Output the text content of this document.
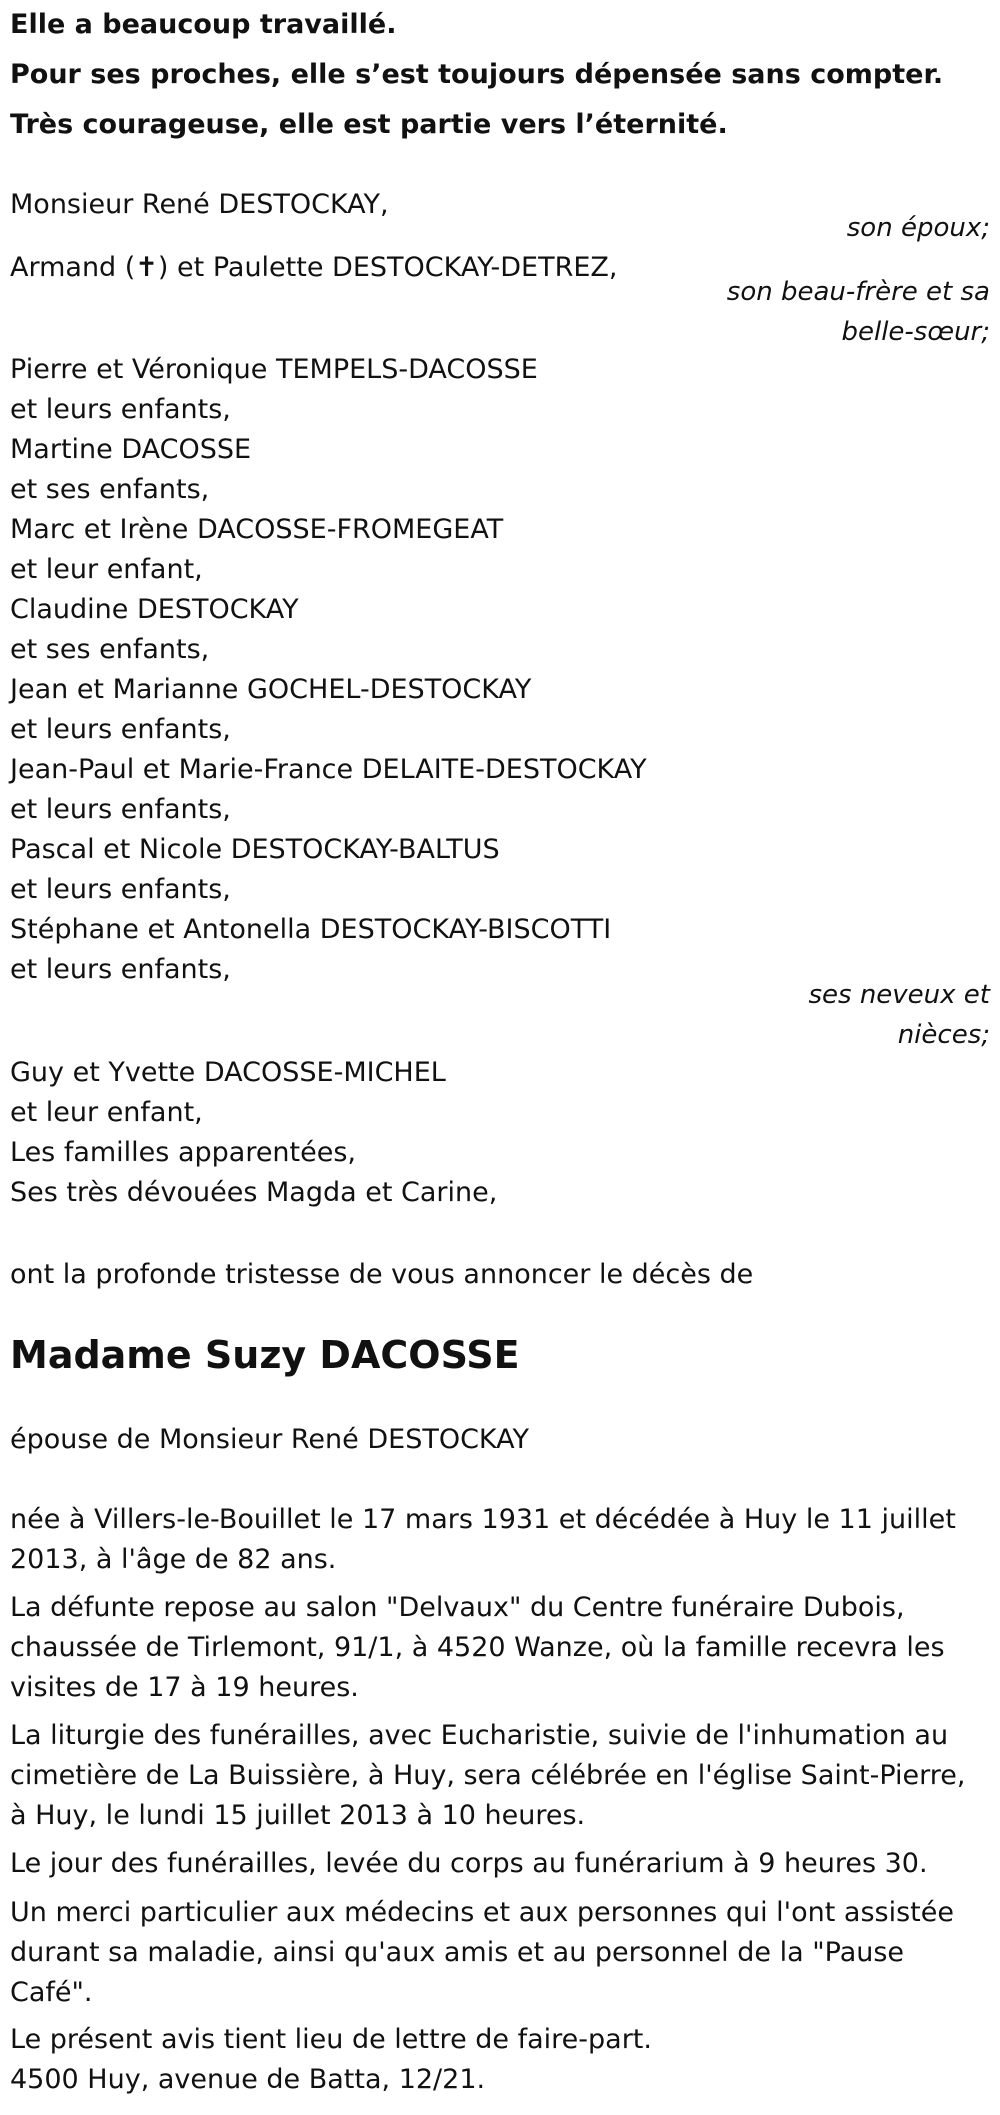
Elle a beaucoup travaillé.
Pour ses proches, elle s’est toujours dépensée sans compter.
Très courageuse, elle est partie vers l’éternité.
Monsieur René DESTOCKAY,
son époux;
Armand (✝) et Paulette DESTOCKAY-DETREZ,
son beau-frère et sa
belle-sœur;
Pierre et Véronique TEMPELS-DACOSSE
et leurs enfants,
Martine DACOSSE
et ses enfants,
Marc et Irène DACOSSE-FROMEGEAT
et leur enfant,
Claudine DESTOCKAY
et ses enfants,
Jean et Marianne GOCHEL-DESTOCKAY
et leurs enfants,
Jean-Paul et Marie-France DELAITE-DESTOCKAY
et leurs enfants,
Pascal et Nicole DESTOCKAY-BALTUS
et leurs enfants,
Stéphane et Antonella DESTOCKAY-BISCOTTI
et leurs enfants,
ses neveux et
nièces;
Guy et Yvette DACOSSE-MICHEL
et leur enfant,
Les familles apparentées,
Ses très dévouées Magda et Carine,
ont la profonde tristesse de vous annoncer le décès de
Madame Suzy DACOSSE
épouse de Monsieur René DESTOCKAY

née à Villers-le-Bouillet le 17 mars 1931 et décédée à Huy le 11 juillet 2013, à l'âge de 82 ans.

La défunte repose au salon "Delvaux" du Centre funéraire Dubois, chaussée de Tirlemont, 91/1, à 4520 Wanze, où la famille recevra les visites de 17 à 19 heures.

La liturgie des funérailles, avec Eucharistie, suivie de l'inhumation au cimetière de La Buissière, à Huy, sera célébrée en l'église Saint-Pierre, à Huy, le lundi 15 juillet 2013 à 10 heures.

Le jour des funérailles, levée du corps au funérarium à 9 heures 30.

Un merci particulier aux médecins et aux personnes qui l'ont assistée durant sa maladie, ainsi qu'aux amis et au personnel de la "Pause Café".

Le présent avis tient lieu de lettre de faire-part.
4500 Huy, avenue de Batta, 12/21.
